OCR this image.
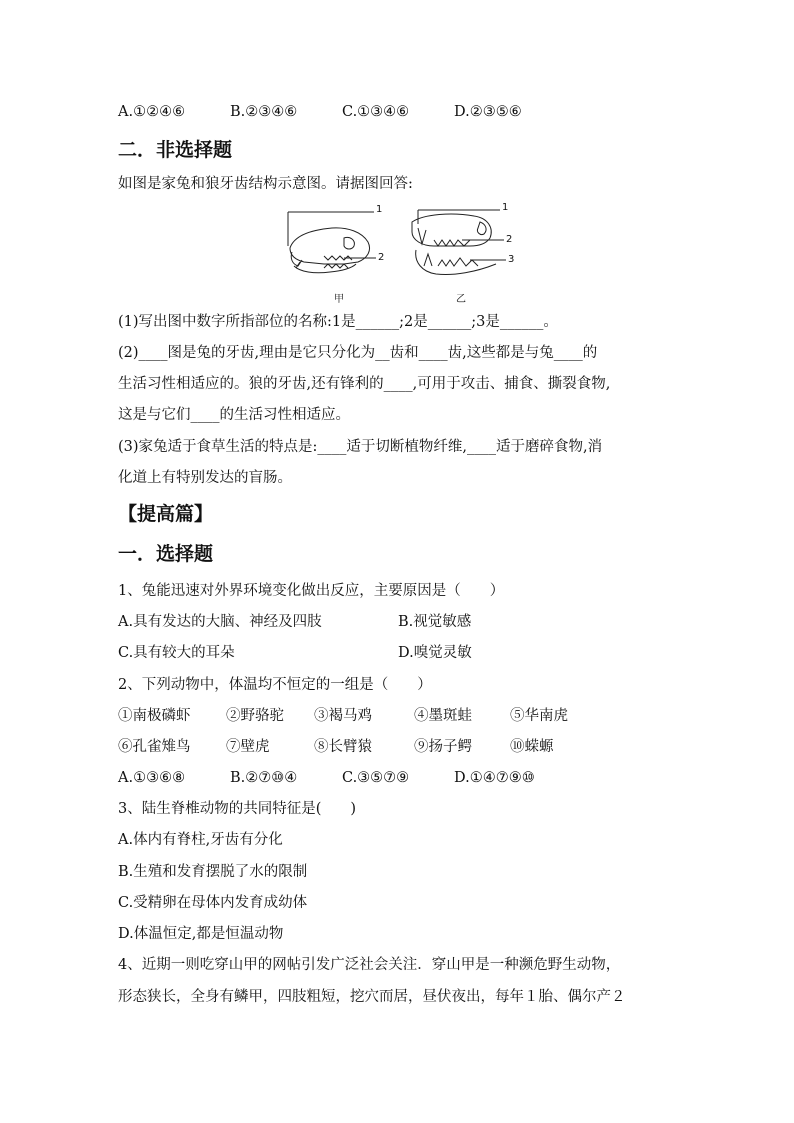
A.①②④⑥	B.②③④⑥	C.①③④⑥	D.②③⑤⑥
二．非选择题
如图是家兔和狼牙齿结构示意图。请据图回答:
(1)写出图中数字所指部位的名称:1是______;2是______;3是______。
(2)____图是兔的牙齿,理由是它只分化为__齿和____齿,这些都是与兔____的
生活习性相适应的。狼的牙齿,还有锋利的____,可用于攻击、捕食、撕裂食物,
这是与它们____的生活习性相适应。
(3)家兔适于食草生活的特点是:____适于切断植物纤维,____适于磨碎食物,消
化道上有特别发达的盲肠。
【提高篇】
一．选择题
1、兔能迅速对外界环境变化做出反应，主要原因是（　　）
A.具有发达的大脑、神经及四肢	B.视觉敏感
C.具有较大的耳朵	D.嗅觉灵敏
2、下列动物中，体温均不恒定的一组是（　　）
①南极磷虾 ②野骆驼 ③褐马鸡	④墨斑蛙	⑤华南虎
⑥孔雀雉鸟 ⑦壁虎	⑧长臂猿	⑨扬子鳄	⑩蝾螈
A.①③⑥⑧	B.②⑦⑩④	C.③⑤⑦⑨	D.①④⑦⑨⑩
3、陆生脊椎动物的共同特征是(　　)
A.体内有脊柱,牙齿有分化
B.生殖和发育摆脱了水的限制
C.受精卵在母体内发育成幼体
D.体温恒定,都是恒温动物
4、近期一则吃穿山甲的网帖引发广泛社会关注．穿山甲是一种濒危野生动物，
形态狭长，全身有鳞甲，四肢粗短，挖穴而居，昼伏夜出，每年１胎、偶尔产２
1
2
1
2
3
甲	乙
